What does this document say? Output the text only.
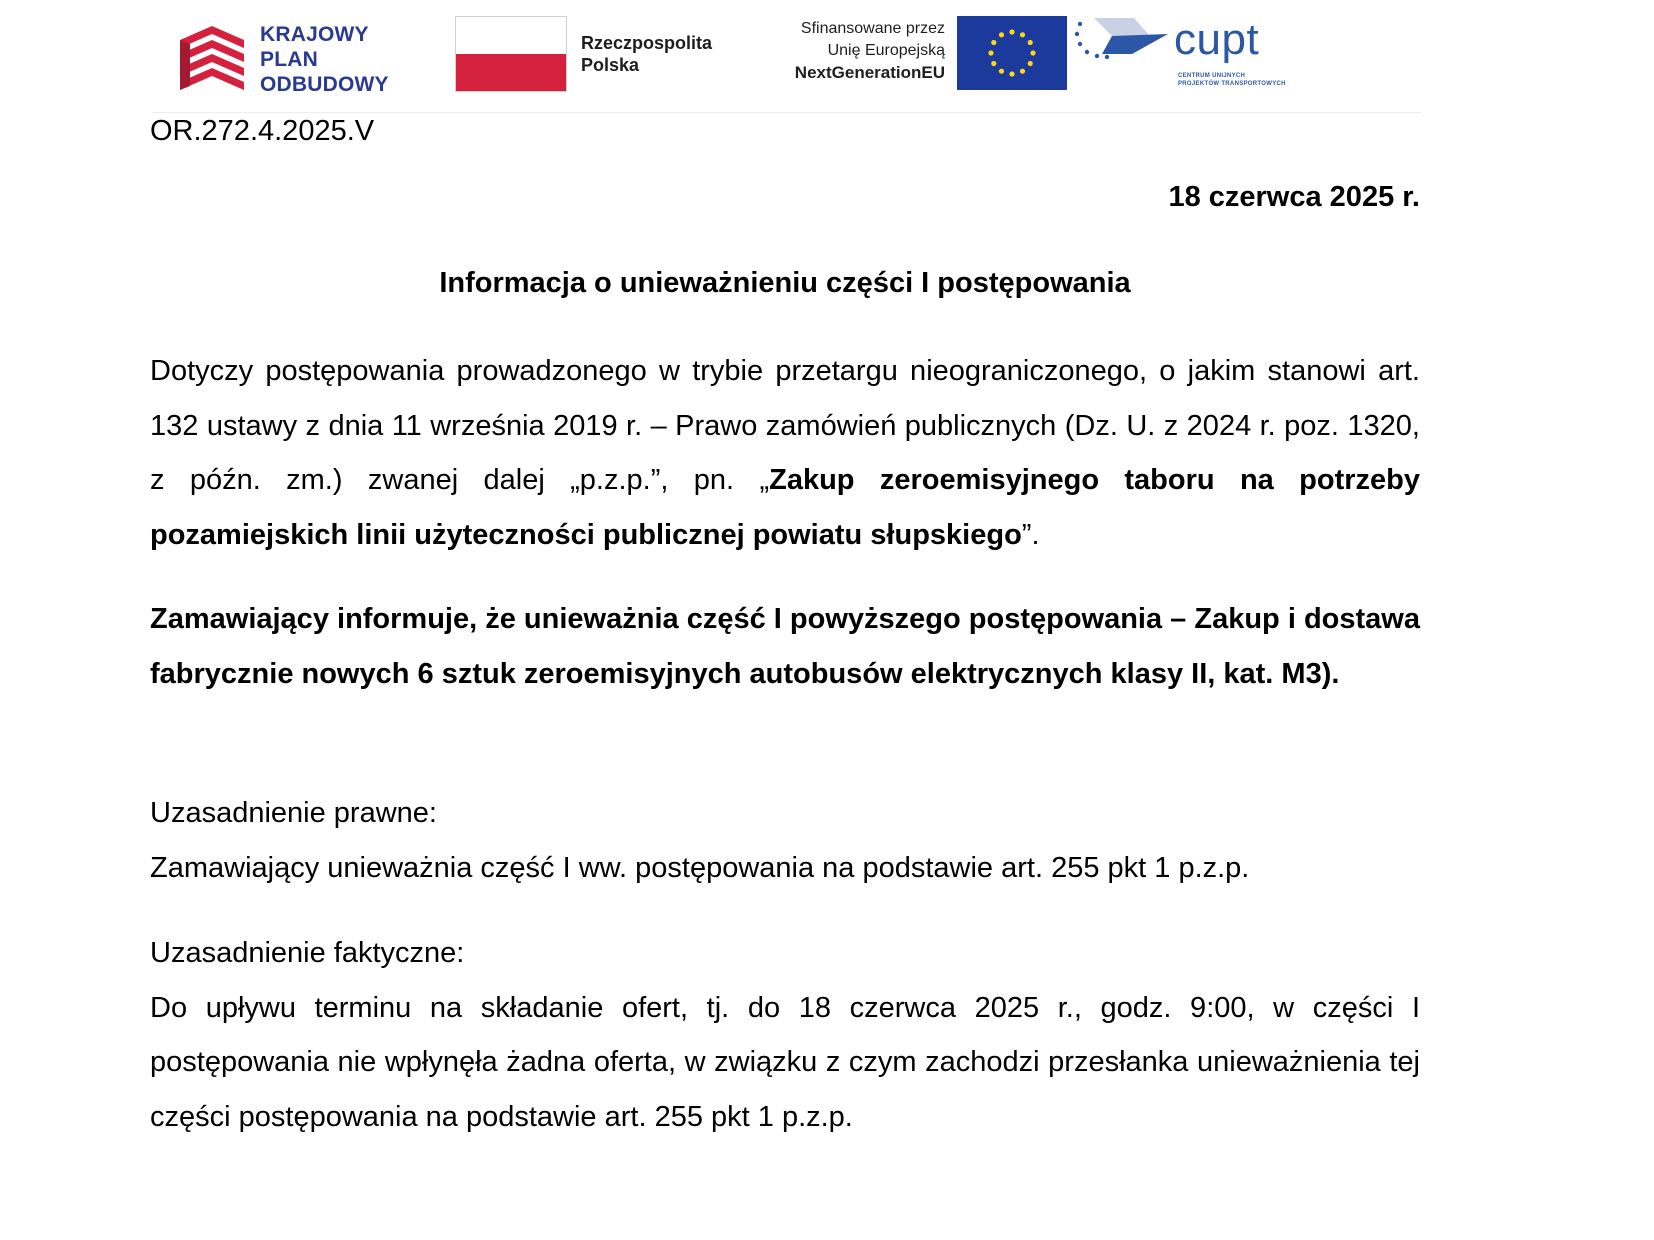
KRAJOWY
PLAN
ODBUDOWY
Rzeczpospolita
Polska
Sfinansowane przez
Unię Europejską
NextGenerationEU
cupt
CENTRUM UNIJNYCH
PROJEKTÓW TRANSPORTOWYCH
OR.272.4.2025.V
18 czerwca 2025 r.
Informacja o unieważnieniu części I postępowania

Dotyczy postępowania prowadzonego w trybie przetargu nieograniczonego, o jakim stanowi art. 132 ustawy z dnia 11 września 2019 r. – Prawo zamówień publicznych (Dz. U. z 2024 r. poz. 1320, z późn. zm.) zwanej dalej „p.z.p.”, pn. „Zakup zeroemisyjnego taboru na potrzeby pozamiejskich linii użyteczności publicznej powiatu słupskiego”.

Zamawiający informuje, że unieważnia część I powyższego postępowania – Zakup i dostawa fabrycznie nowych 6 sztuk zeroemisyjnych autobusów elektrycznych klasy II, kat. M3).

Uzasadnienie prawne:
Zamawiający unieważnia część I ww. postępowania na podstawie art. 255 pkt 1 p.z.p.
Uzasadnienie faktyczne:
Do upływu terminu na składanie ofert, tj. do 18 czerwca 2025 r., godz. 9:00, w części I postępowania nie wpłynęła żadna oferta, w związku z czym zachodzi przesłanka unieważnienia tej części postępowania na podstawie art. 255 pkt 1 p.z.p.
